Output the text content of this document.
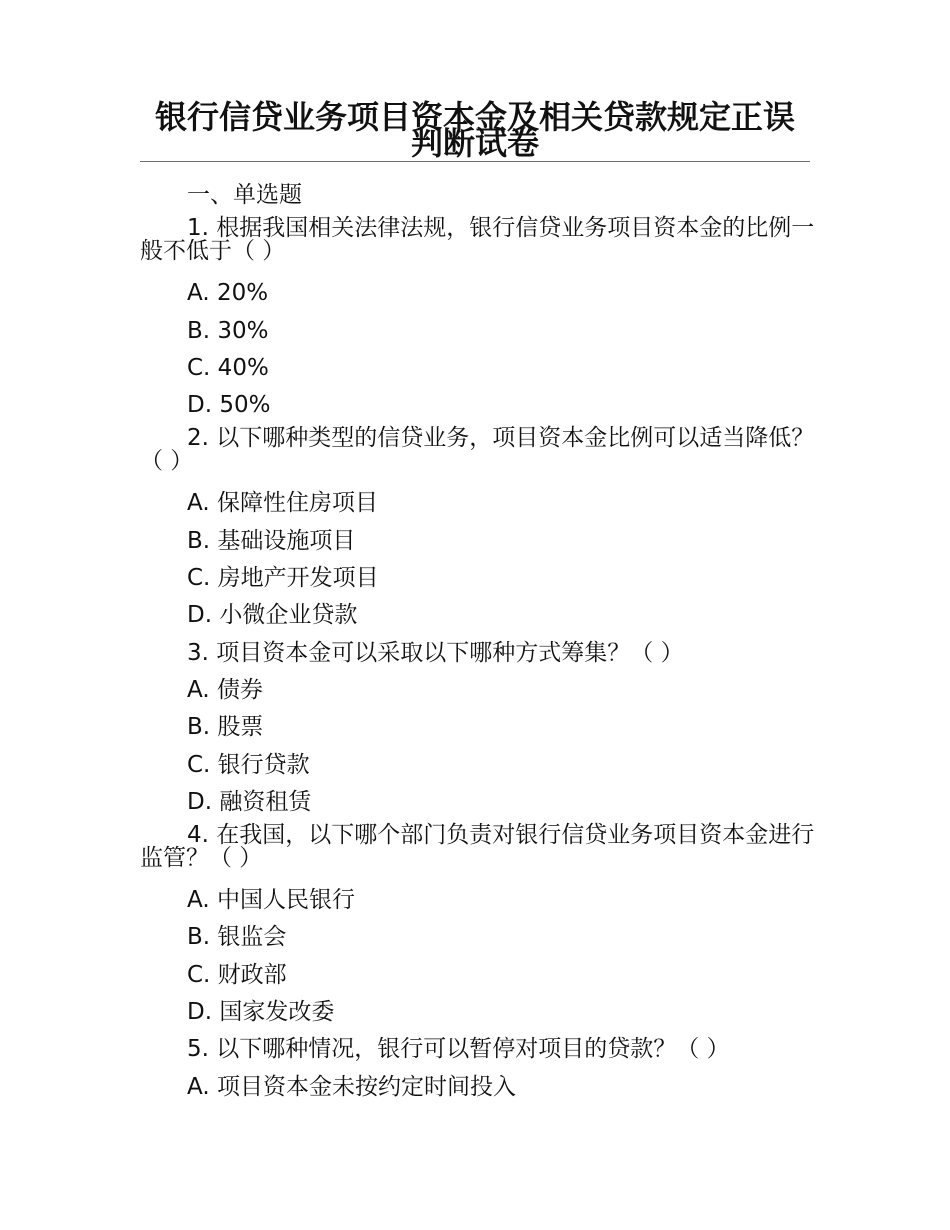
银行信贷业务项目资本金及相关贷款规定正误判断试卷

一、单选题

1. 根据我国相关法律法规，银行信贷业务项目资本金的比例一般不低于（ ）

A. 20%

B. 30%

C. 40%

D. 50%

2. 以下哪种类型的信贷业务，项目资本金比例可以适当降低？（ ）

A. 保障性住房项目

B. 基础设施项目

C. 房地产开发项目

D. 小微企业贷款

3. 项目资本金可以采取以下哪种方式筹集？（ ）

A. 债券

B. 股票

C. 银行贷款

D. 融资租赁

4. 在我国，以下哪个部门负责对银行信贷业务项目资本金进行监管？（ ）

A. 中国人民银行

B. 银监会

C. 财政部

D. 国家发改委

5. 以下哪种情况，银行可以暂停对项目的贷款？（ ）

A. 项目资本金未按约定时间投入
